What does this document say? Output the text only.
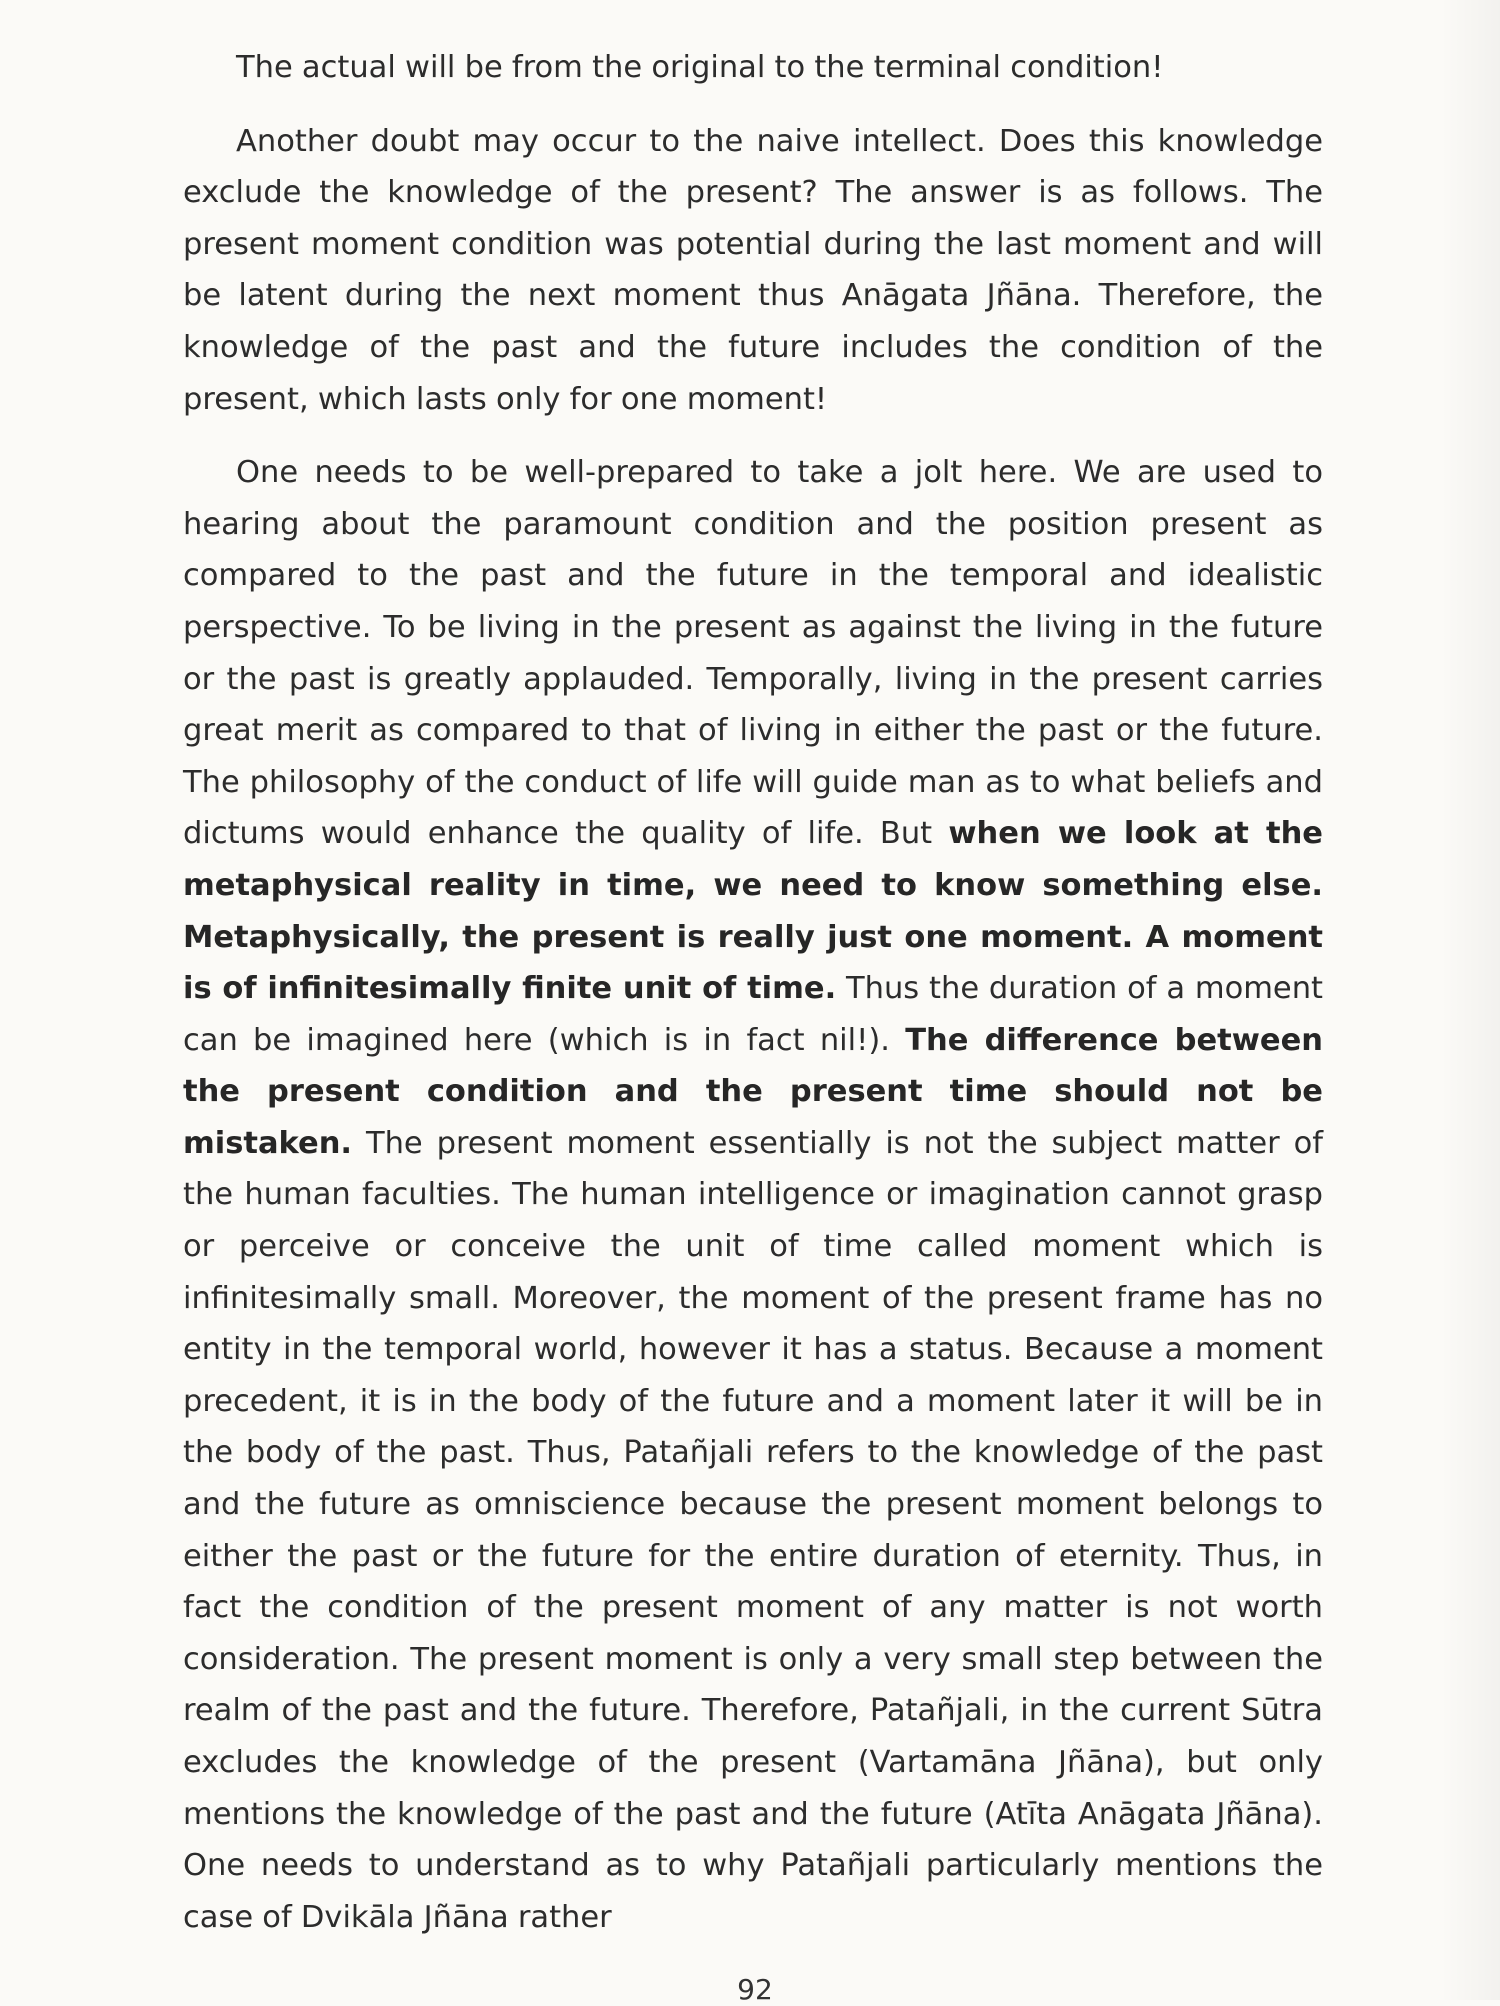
The actual will be from the original to the terminal condition!

Another doubt may occur to the naive intellect. Does this knowledge exclude the knowledge of the present? The answer is as follows. The present moment condition was potential during the last moment and will be latent during the next moment thus Anāgata Jñāna. Therefore, the knowledge of the past and the future includes the condition of the present, which lasts only for one moment!

One needs to be well-prepared to take a jolt here. We are used to hearing about the paramount condition and the position present as compared to the past and the future in the temporal and idealistic perspective. To be living in the present as against the living in the future or the past is greatly applauded. Temporally, living in the present carries great merit as compared to that of living in either the past or the future. The philosophy of the conduct of life will guide man as to what beliefs and dictums would enhance the quality of life. But when we look at the metaphysical reality in time, we need to know something else. Metaphysically, the present is really just one moment. A moment is of infinitesimally finite unit of time. Thus the duration of a moment can be imagined here (which is in fact nil!). The difference between the present condition and the present time should not be mistaken. The present moment essentially is not the subject matter of the human faculties. The human intelligence or imagination cannot grasp or perceive or conceive the unit of time called moment which is infinitesimally small. Moreover, the moment of the present frame has no entity in the temporal world, however it has a status. Because a moment precedent, it is in the body of the future and a moment later it will be in the body of the past. Thus, Patañjali refers to the knowledge of the past and the future as omniscience because the present moment belongs to either the past or the future for the entire duration of eternity. Thus, in fact the condition of the present moment of any matter is not worth consideration. The present moment is only a very small step between the realm of the past and the future. Therefore, Patañjali, in the current Sūtra excludes the knowledge of the present (Vartamāna Jñāna), but only mentions the knowledge of the past and the future (Atīta Anāgata Jñāna). One needs to understand as to why Patañjali particularly mentions the case of Dvikāla Jñāna rather

92
